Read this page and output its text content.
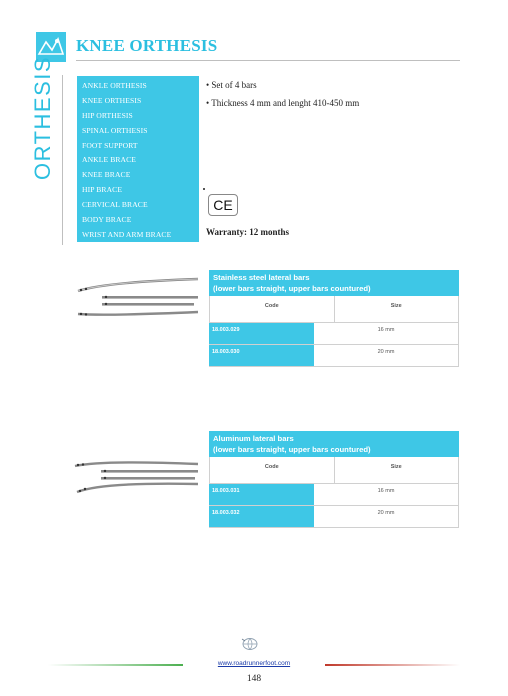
KNEE ORTHESIS
ORTHESIS	ANKLE ORTHESIS
KNEE ORTHESIS
HIP ORTHESIS
SPINAL ORTHESIS
FOOT SUPPORT
ANKLE BRACE
KNEE BRACE
HIP BRACE
CERVICAL BRACE
BODY BRACE
WRIST AND ARM BRACE
• Set of 4 bars
• Thickness 4 mm and lenght 410-450 mm
CE
Warranty: 12 months
Stainless steel lateral bars
(lower bars straight, upper bars countured)
Code	Size
18.003.029	16 mm
18.003.030	20 mm
Aluminum lateral bars
(lower bars straight, upper bars countured)
Code	Size
18.003.031	16 mm
18.003.032	20 mm
www.roadrunnerfoot.com
148
